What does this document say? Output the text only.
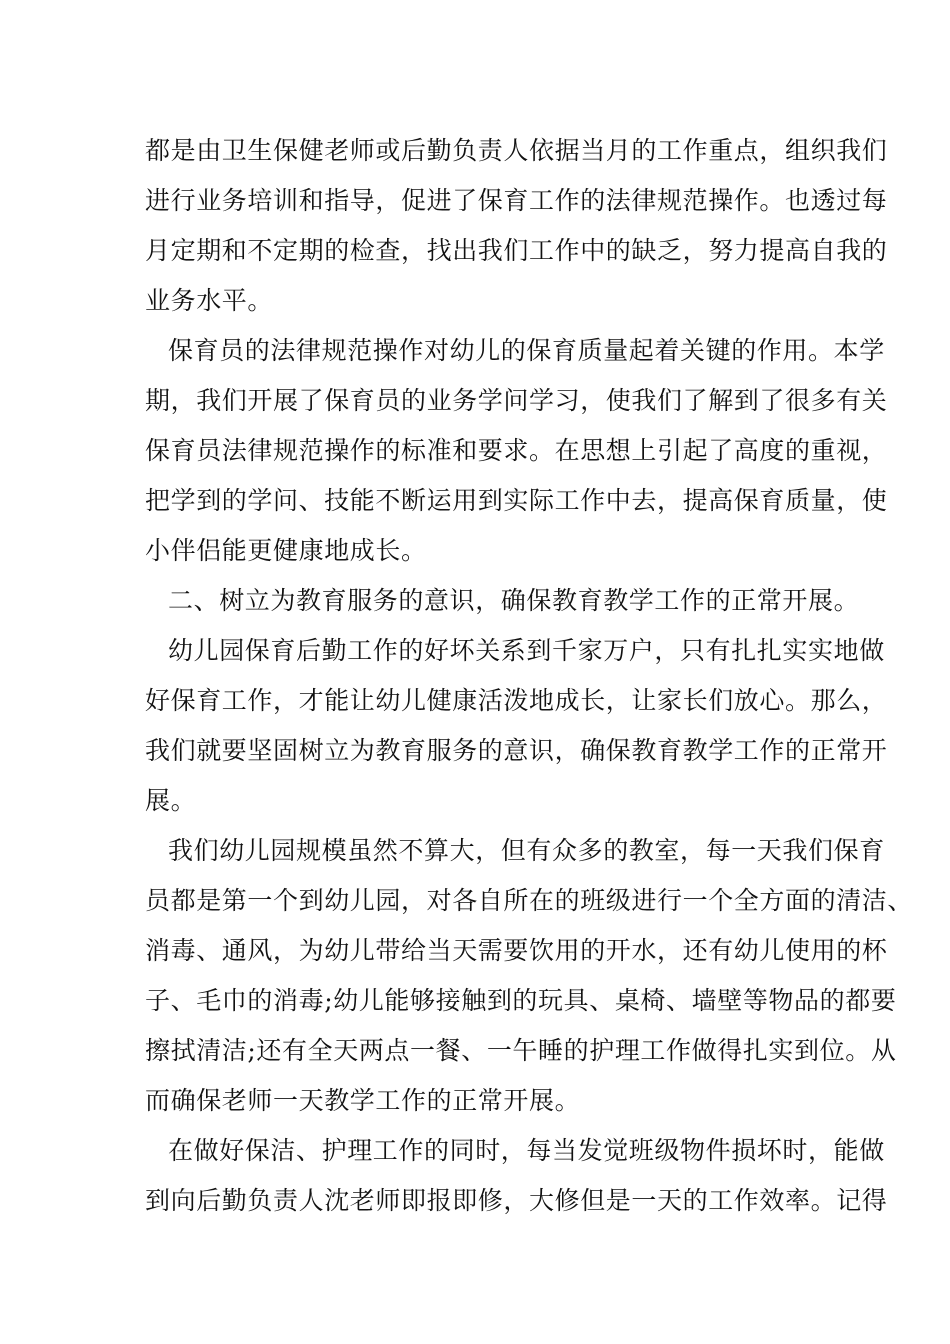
都是由卫生保健老师或后勤负责人依据当月的工作重点，组织我们
进行业务培训和指导，促进了保育工作的法律规范操作。也透过每
月定期和不定期的检查，找出我们工作中的缺乏，努力提高自我的
业务水平。
保育员的法律规范操作对幼儿的保育质量起着关键的作用。本学
期，我们开展了保育员的业务学问学习，使我们了解到了很多有关
保育员法律规范操作的标准和要求。在思想上引起了高度的重视，
把学到的学问、技能不断运用到实际工作中去，提高保育质量，使
小伴侣能更健康地成长。
二、树立为教育服务的意识，确保教育教学工作的正常开展。
幼儿园保育后勤工作的好坏关系到千家万户，只有扎扎实实地做
好保育工作，才能让幼儿健康活泼地成长，让家长们放心。那么，
我们就要坚固树立为教育服务的意识，确保教育教学工作的正常开
展。
我们幼儿园规模虽然不算大，但有众多的教室，每一天我们保育
员都是第一个到幼儿园，对各自所在的班级进行一个全方面的清洁、
消毒、通风，为幼儿带给当天需要饮用的开水，还有幼儿使用的杯
子、毛巾的消毒;幼儿能够接触到的玩具、桌椅、墙壁等物品的都要
擦拭清洁;还有全天两点一餐、一午睡的护理工作做得扎实到位。从
而确保老师一天教学工作的正常开展。
在做好保洁、护理工作的同时，每当发觉班级物件损坏时，能做
到向后勤负责人沈老师即报即修，大修但是一天的工作效率。记得
